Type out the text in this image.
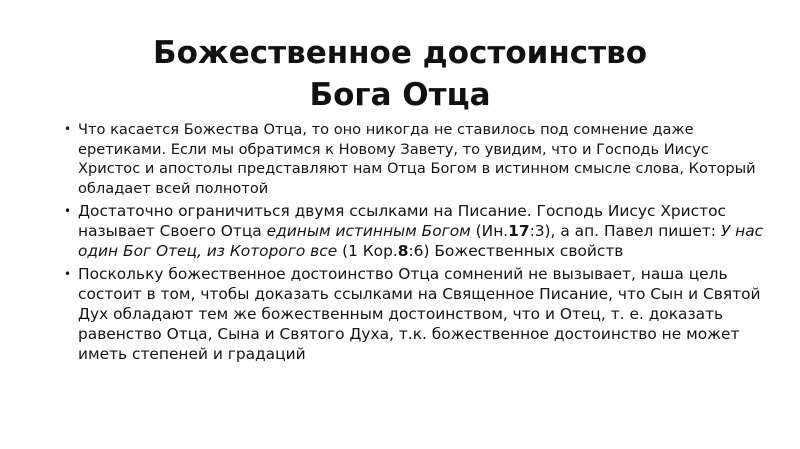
Божественное достоинство
Бога Отца
• Что касается Божества Отца, то оно никогда не ставилось под сомнение даже еретиками. Если мы обратимся к Новому Завету, то увидим, что и Господь Иисус Христос и апостолы представляют нам Отца Богом в истинном смысле слова, Который обладает всей полнотой
• Достаточно ограничиться двумя ссылками на Писание. Господь Иисус Христос называет Своего Отца единым истинным Богом (Ин.17:3), а ап. Павел пишет: У нас один Бог Отец, из Которого все (1 Кор.8:6) Божественных свойств
• Поскольку божественное достоинство Отца сомнений не вызывает, наша цель состоит в том, чтобы доказать ссылками на Священное Писание, что Сын и Святой Дух обладают тем же божественным достоинством, что и Отец, т. е. доказать равенство Отца, Сына и Святого Духа, т.к. божественное достоинство не может иметь степеней и градаций
